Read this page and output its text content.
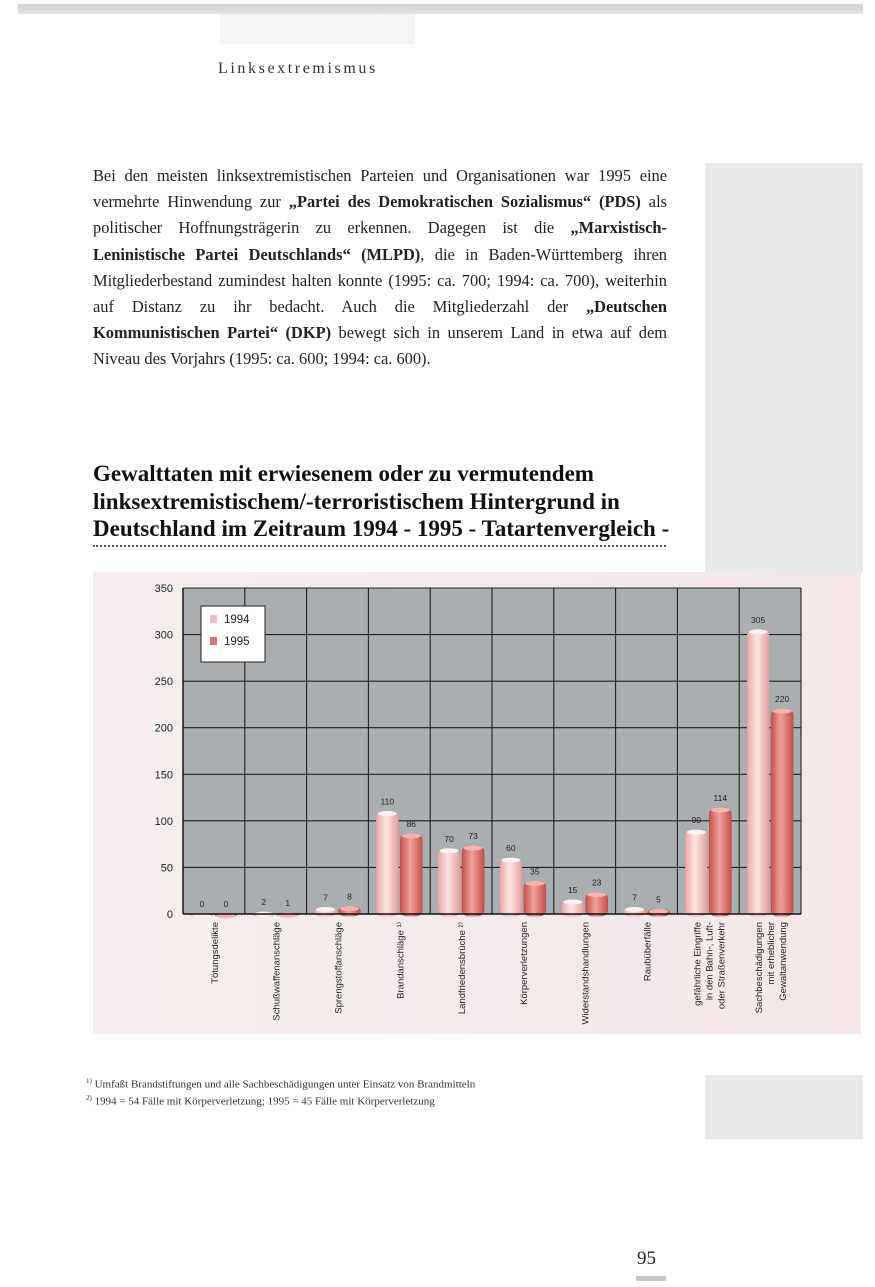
Linksextremismus

Bei den meisten linksextremistischen Parteien und Organisationen war 1995 eine vermehrte Hinwendung zur „Partei des Demokratischen Sozialismus“ (PDS) als politischer Hoffnungsträgerin zu erkennen. Dagegen ist die „Marxistisch-Leninistische Partei Deutschlands“ (MLPD), die in Baden-Württemberg ihren Mitgliederbestand zumindest halten konnte (1995: ca. 700; 1994: ca. 700), weiterhin auf Distanz zu ihr bedacht. Auch die Mitgliederzahl der „Deutschen Kommunistischen Partei“ (DKP) bewegt sich in unserem Land in etwa auf dem Niveau des Vorjahrs (1995: ca. 600; 1994: ca. 600).

Gewalttaten mit erwiesenem oder zu vermutendem linksextremistischem/-terroristischem Hintergrund in Deutschland im Zeitraum 1994 - 1995 - Tatartenvergleich -
0
50
100
150
200
250
300
350
0 0
Tötungsdelikte
2 1
Schußwaffenanschläge
7 8
Sprengstoffanschläge
110
86
Brandanschläge ¹⁾
70 73
Landfriedensbrüche ²⁾
60
35
Körperverletzungen
15
23
Widerstandshandlungen
7 5
Raubüberfälle
90
114
gefährliche Eingriffe in den Bahn-, Luft- oder Straßenverkehr
305
220
Sachbeschädigungen mit erheblicher Gewaltanwendung
1994
1995
$^{1)}$ Umfaßt Brandstiftungen und alle Sachbeschädigungen unter Einsatz von Brandmitteln
$^{2)}$ 1994 = 54 Fälle mit Körperverletzung; 1995 = 45 Fälle mit Körperverletzung
95
